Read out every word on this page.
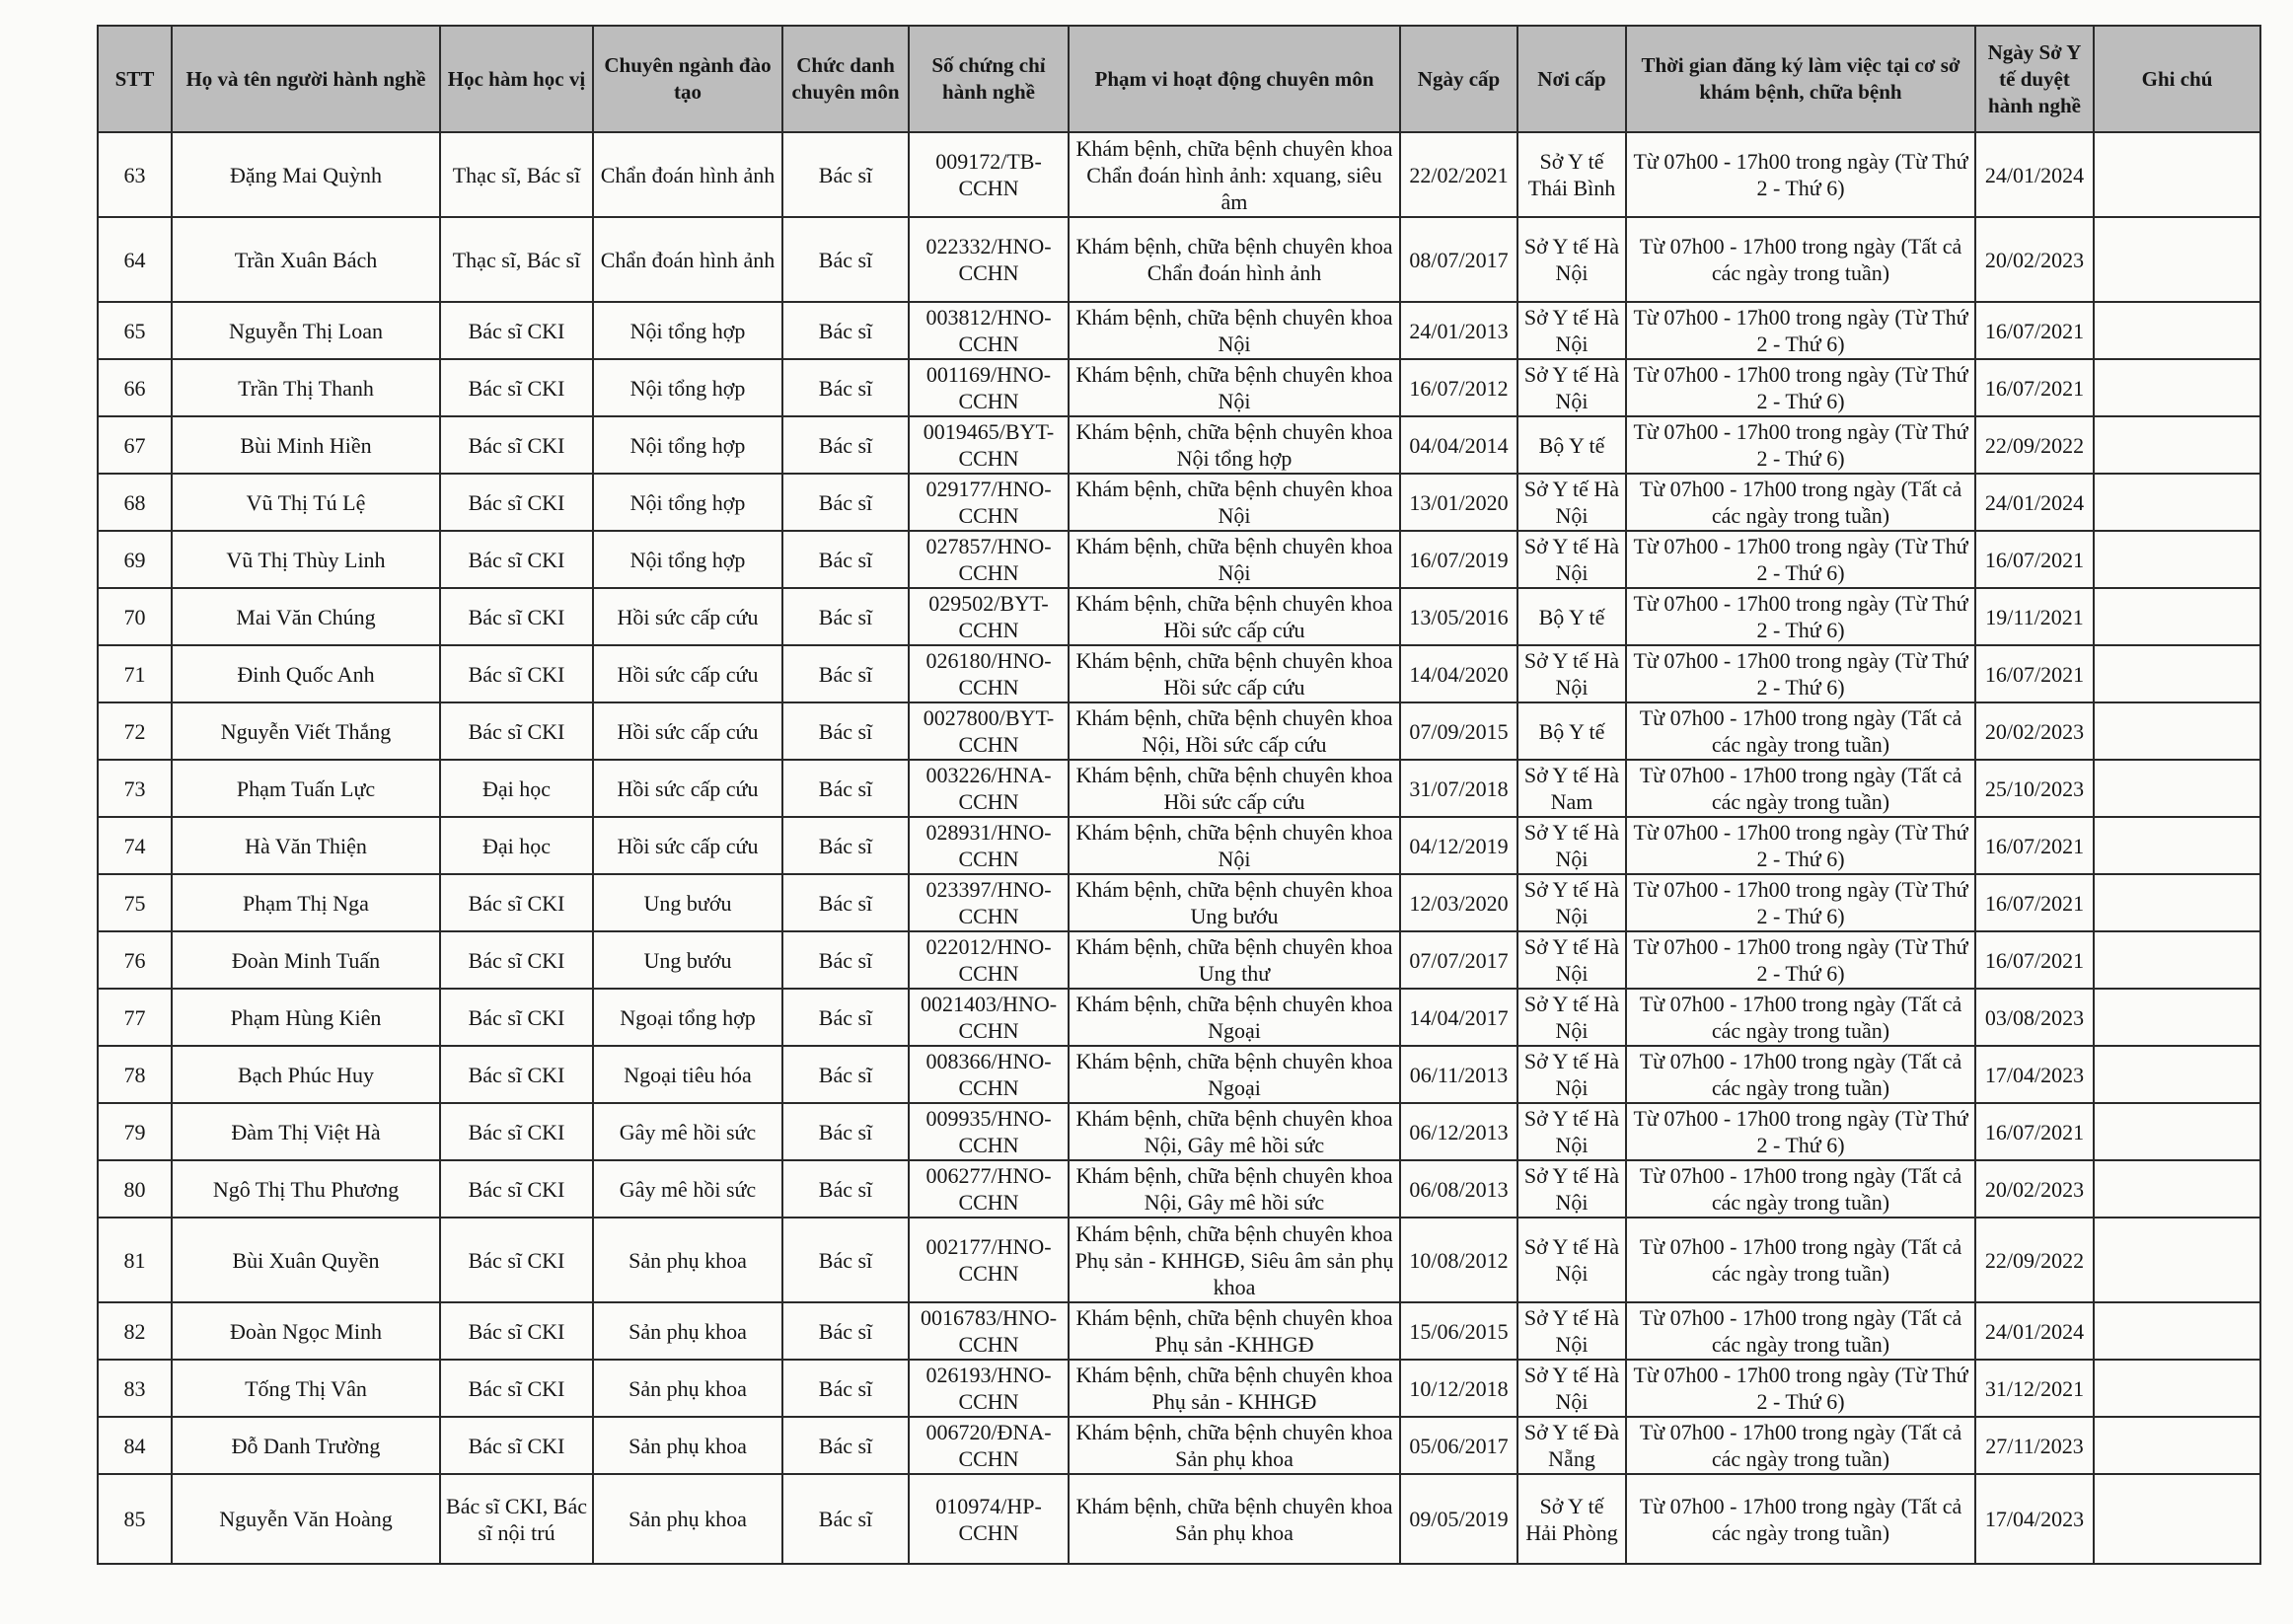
STT	Họ và tên người hành nghề	Học hàm học vị	Chuyên ngành đào tạo	Chức danh chuyên môn	Số chứng chỉ hành nghề	Phạm vi hoạt động chuyên môn	Ngày cấp	Nơi cấp	Thời gian đăng ký làm việc tại cơ sở khám bệnh, chữa bệnh	Ngày Sở Y tế duyệt hành nghề	Ghi chú
63	Đặng Mai Quỳnh	Thạc sĩ, Bác sĩ	Chẩn đoán hình ảnh	Bác sĩ	009172/TB-CCHN	Khám bệnh, chữa bệnh chuyên khoa Chẩn đoán hình ảnh: xquang, siêu âm	22/02/2021	Sở Y tế Thái Bình	Từ 07h00 - 17h00 trong ngày (Từ Thứ 2 - Thứ 6)	24/01/2024	
64	Trần Xuân Bách	Thạc sĩ, Bác sĩ	Chẩn đoán hình ảnh	Bác sĩ	022332/HNO-CCHN	Khám bệnh, chữa bệnh chuyên khoa Chẩn đoán hình ảnh	08/07/2017	Sở Y tế Hà Nội	Từ 07h00 - 17h00 trong ngày (Tất cả các ngày trong tuần)	20/02/2023	
65	Nguyễn Thị Loan	Bác sĩ CKI	Nội tổng hợp	Bác sĩ	003812/HNO-CCHN	Khám bệnh, chữa bệnh chuyên khoa Nội	24/01/2013	Sở Y tế Hà Nội	Từ 07h00 - 17h00 trong ngày (Từ Thứ 2 - Thứ 6)	16/07/2021	
66	Trần Thị Thanh	Bác sĩ CKI	Nội tổng hợp	Bác sĩ	001169/HNO-CCHN	Khám bệnh, chữa bệnh chuyên khoa Nội	16/07/2012	Sở Y tế Hà Nội	Từ 07h00 - 17h00 trong ngày (Từ Thứ 2 - Thứ 6)	16/07/2021	
67	Bùi Minh Hiền	Bác sĩ CKI	Nội tổng hợp	Bác sĩ	0019465/BYT-CCHN	Khám bệnh, chữa bệnh chuyên khoa Nội tổng hợp	04/04/2014	Bộ Y tế	Từ 07h00 - 17h00 trong ngày (Từ Thứ 2 - Thứ 6)	22/09/2022	
68	Vũ Thị Tú Lệ	Bác sĩ CKI	Nội tổng hợp	Bác sĩ	029177/HNO-CCHN	Khám bệnh, chữa bệnh chuyên khoa Nội	13/01/2020	Sở Y tế Hà Nội	Từ 07h00 - 17h00 trong ngày (Tất cả các ngày trong tuần)	24/01/2024	
69	Vũ Thị Thùy Linh	Bác sĩ CKI	Nội tổng hợp	Bác sĩ	027857/HNO-CCHN	Khám bệnh, chữa bệnh chuyên khoa Nội	16/07/2019	Sở Y tế Hà Nội	Từ 07h00 - 17h00 trong ngày (Từ Thứ 2 - Thứ 6)	16/07/2021	
70	Mai Văn Chúng	Bác sĩ CKI	Hồi sức cấp cứu	Bác sĩ	029502/BYT-CCHN	Khám bệnh, chữa bệnh chuyên khoa Hồi sức cấp cứu	13/05/2016	Bộ Y tế	Từ 07h00 - 17h00 trong ngày (Từ Thứ 2 - Thứ 6)	19/11/2021	
71	Đinh Quốc Anh	Bác sĩ CKI	Hồi sức cấp cứu	Bác sĩ	026180/HNO-CCHN	Khám bệnh, chữa bệnh chuyên khoa Hồi sức cấp cứu	14/04/2020	Sở Y tế Hà Nội	Từ 07h00 - 17h00 trong ngày (Từ Thứ 2 - Thứ 6)	16/07/2021	
72	Nguyễn Viết Thắng	Bác sĩ CKI	Hồi sức cấp cứu	Bác sĩ	0027800/BYT-CCHN	Khám bệnh, chữa bệnh chuyên khoa Nội, Hồi sức cấp cứu	07/09/2015	Bộ Y tế	Từ 07h00 - 17h00 trong ngày (Tất cả các ngày trong tuần)	20/02/2023	
73	Phạm Tuấn Lực	Đại học	Hồi sức cấp cứu	Bác sĩ	003226/HNA-CCHN	Khám bệnh, chữa bệnh chuyên khoa Hồi sức cấp cứu	31/07/2018	Sở Y tế Hà Nam	Từ 07h00 - 17h00 trong ngày (Tất cả các ngày trong tuần)	25/10/2023	
74	Hà Văn Thiện	Đại học	Hồi sức cấp cứu	Bác sĩ	028931/HNO-CCHN	Khám bệnh, chữa bệnh chuyên khoa Nội	04/12/2019	Sở Y tế Hà Nội	Từ 07h00 - 17h00 trong ngày (Từ Thứ 2 - Thứ 6)	16/07/2021	
75	Phạm Thị Nga	Bác sĩ CKI	Ung bướu	Bác sĩ	023397/HNO-CCHN	Khám bệnh, chữa bệnh chuyên khoa Ung bướu	12/03/2020	Sở Y tế Hà Nội	Từ 07h00 - 17h00 trong ngày (Từ Thứ 2 - Thứ 6)	16/07/2021	
76	Đoàn Minh Tuấn	Bác sĩ CKI	Ung bướu	Bác sĩ	022012/HNO-CCHN	Khám bệnh, chữa bệnh chuyên khoa Ung thư	07/07/2017	Sở Y tế Hà Nội	Từ 07h00 - 17h00 trong ngày (Từ Thứ 2 - Thứ 6)	16/07/2021	
77	Phạm Hùng Kiên	Bác sĩ CKI	Ngoại tổng hợp	Bác sĩ	0021403/HNO-CCHN	Khám bệnh, chữa bệnh chuyên khoa Ngoại	14/04/2017	Sở Y tế Hà Nội	Từ 07h00 - 17h00 trong ngày (Tất cả các ngày trong tuần)	03/08/2023	
78	Bạch Phúc Huy	Bác sĩ CKI	Ngoại tiêu hóa	Bác sĩ	008366/HNO-CCHN	Khám bệnh, chữa bệnh chuyên khoa Ngoại	06/11/2013	Sở Y tế Hà Nội	Từ 07h00 - 17h00 trong ngày (Tất cả các ngày trong tuần)	17/04/2023	
79	Đàm Thị Việt Hà	Bác sĩ CKI	Gây mê hồi sức	Bác sĩ	009935/HNO-CCHN	Khám bệnh, chữa bệnh chuyên khoa Nội, Gây mê hồi sức	06/12/2013	Sở Y tế Hà Nội	Từ 07h00 - 17h00 trong ngày (Từ Thứ 2 - Thứ 6)	16/07/2021	
80	Ngô Thị Thu Phương	Bác sĩ CKI	Gây mê hồi sức	Bác sĩ	006277/HNO-CCHN	Khám bệnh, chữa bệnh chuyên khoa Nội, Gây mê hồi sức	06/08/2013	Sở Y tế Hà Nội	Từ 07h00 - 17h00 trong ngày (Tất cả các ngày trong tuần)	20/02/2023	
81	Bùi Xuân Quyền	Bác sĩ CKI	Sản phụ khoa	Bác sĩ	002177/HNO-CCHN	Khám bệnh, chữa bệnh chuyên khoa Phụ sản - KHHGĐ, Siêu âm sản phụ khoa	10/08/2012	Sở Y tế Hà Nội	Từ 07h00 - 17h00 trong ngày (Tất cả các ngày trong tuần)	22/09/2022	
82	Đoàn Ngọc Minh	Bác sĩ CKI	Sản phụ khoa	Bác sĩ	0016783/HNO-CCHN	Khám bệnh, chữa bệnh chuyên khoa Phụ sản -KHHGĐ	15/06/2015	Sở Y tế Hà Nội	Từ 07h00 - 17h00 trong ngày (Tất cả các ngày trong tuần)	24/01/2024	
83	Tống Thị Vân	Bác sĩ CKI	Sản phụ khoa	Bác sĩ	026193/HNO-CCHN	Khám bệnh, chữa bệnh chuyên khoa Phụ sản - KHHGĐ	10/12/2018	Sở Y tế Hà Nội	Từ 07h00 - 17h00 trong ngày (Từ Thứ 2 - Thứ 6)	31/12/2021	
84	Đỗ Danh Trường	Bác sĩ CKI	Sản phụ khoa	Bác sĩ	006720/ĐNA-CCHN	Khám bệnh, chữa bệnh chuyên khoa Sản phụ khoa	05/06/2017	Sở Y tế Đà Nẵng	Từ 07h00 - 17h00 trong ngày (Tất cả các ngày trong tuần)	27/11/2023	
85	Nguyễn Văn Hoàng	Bác sĩ CKI, Bác sĩ nội trú	Sản phụ khoa	Bác sĩ	010974/HP-CCHN	Khám bệnh, chữa bệnh chuyên khoa Sản phụ khoa	09/05/2019	Sở Y tế Hải Phòng	Từ 07h00 - 17h00 trong ngày (Tất cả các ngày trong tuần)	17/04/2023	
